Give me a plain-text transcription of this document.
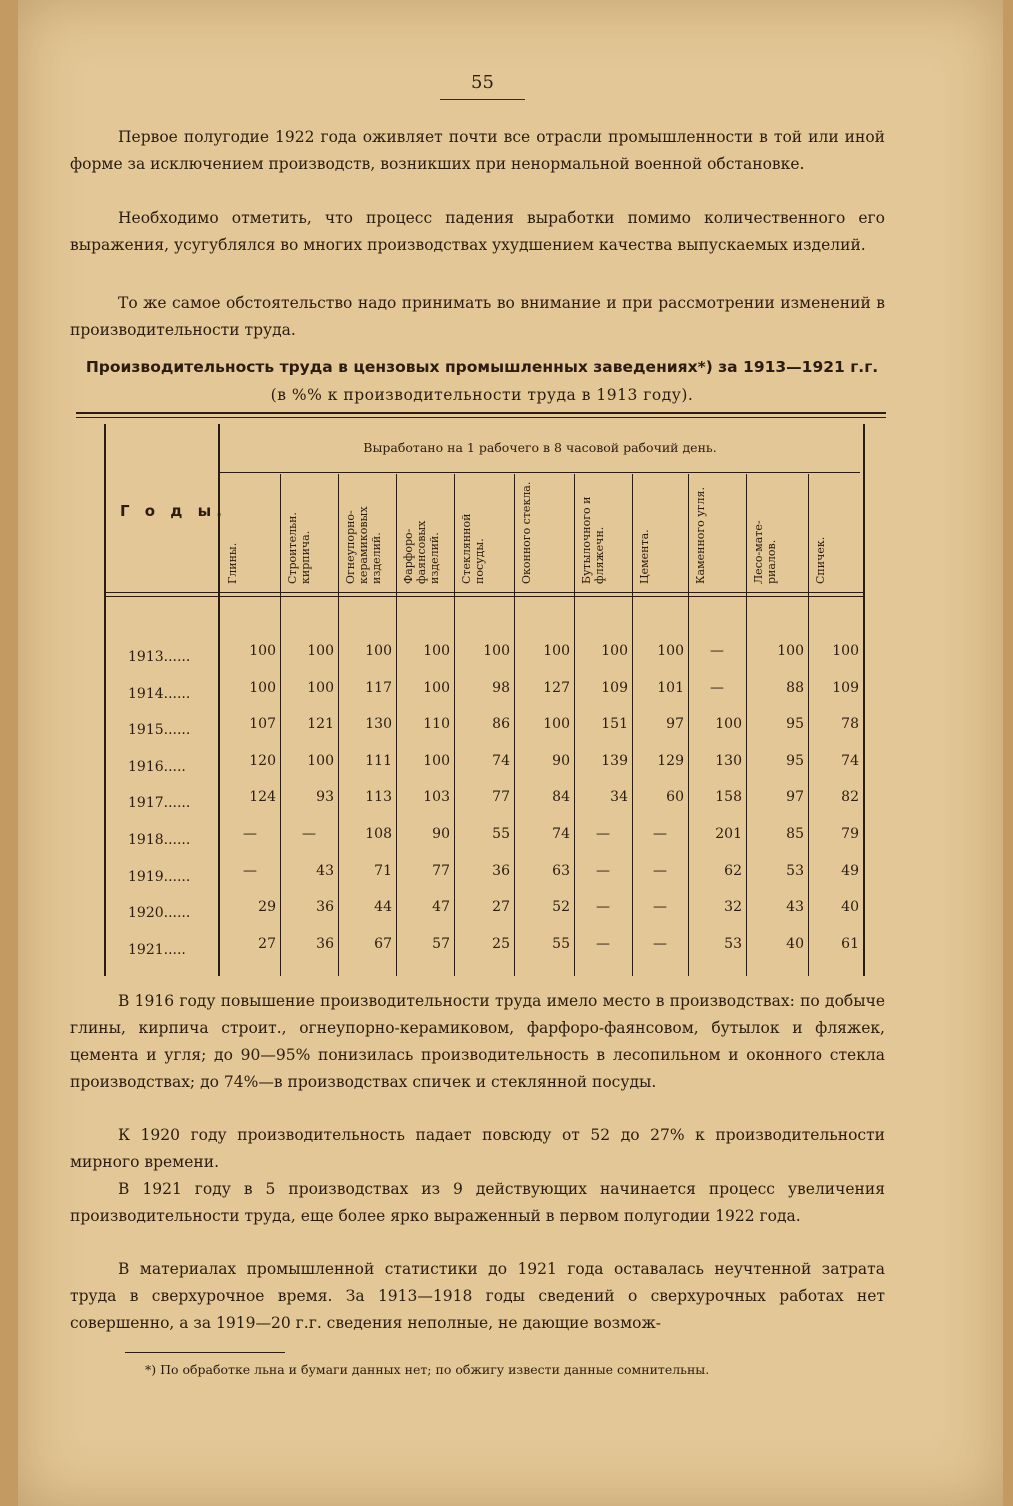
55

Первое полугодие 1922 года оживляет почти все отрасли промышленности в той или иной форме за исключением производств, возникших при ненормальной военной обстановке.

Необходимо отметить, что процесс падения выработки помимо количественного его выражения, усугублялся во многих производствах ухудшением качества выпускаемых изделий.

То же самое обстоятельство надо принимать во внимание и при рассмотрении изменений в производительности труда.

Производительность труда в цензовых промышленных заведениях*) за 1913—1921 г.г.
(в %% к производительности труда в 1913 году).
Г о д ы.
Выработано на 1 рабочего в 8 часовой рабочий день.
Глины.	Строительн. кирпича.	Огнеупорно-керамиковых изделий.	Фарфоро-фаянсовых изделий.	Стеклянной посуды.	Оконного стекла.	Бутылочного и фляжечн.	Цемента.	Каменного угля.	Лесо-мате-риалов.	Спичек.
1913......	100	100	100	100	100	100	100	100	—	100	100
1914......	100	100	117	100	98	127	109	101	—	88	109
1915......	107	121	130	110	86	100	151	97	100	95	78
1916.....	120	100	111	100	74	90	139	129	130	95	74
1917......	124	93	113	103	77	84	34	60	158	97	82
1918......	—	—	108	90	55	74	—	—	201	85	79
1919......	—	43	71	77	36	63	—	—	62	53	49
1920......	29	36	44	47	27	52	—	—	32	43	40
1921.....	27	36	67	57	25	55	—	—	53	40	61

В 1916 году повышение производительности труда имело место в производствах: по добыче глины, кирпича строит., огнеупорно-керамиковом, фарфоро-фаянсовом, бутылок и фляжек, цемента и угля; до 90—95% понизилась производительность в лесопильном и оконного стекла производствах; до 74%—в производствах спичек и стеклянной посуды.

К 1920 году производительность падает повсюду от 52 до 27% к производительности мирного времени.

В 1921 году в 5 производствах из 9 действующих начинается процесс увеличения производительности труда, еще более ярко выраженный в первом полугодии 1922 года.

В материалах промышленной статистики до 1921 года оставалась неучтенной затрата труда в сверхурочное время. За 1913—1918 годы сведений о сверхурочных работах нет совершенно, а за 1919—20 г.г. сведения неполные, не дающие возмож-

*) По обработке льна и бумаги данных нет; по обжигу извести данные сомнительны.
